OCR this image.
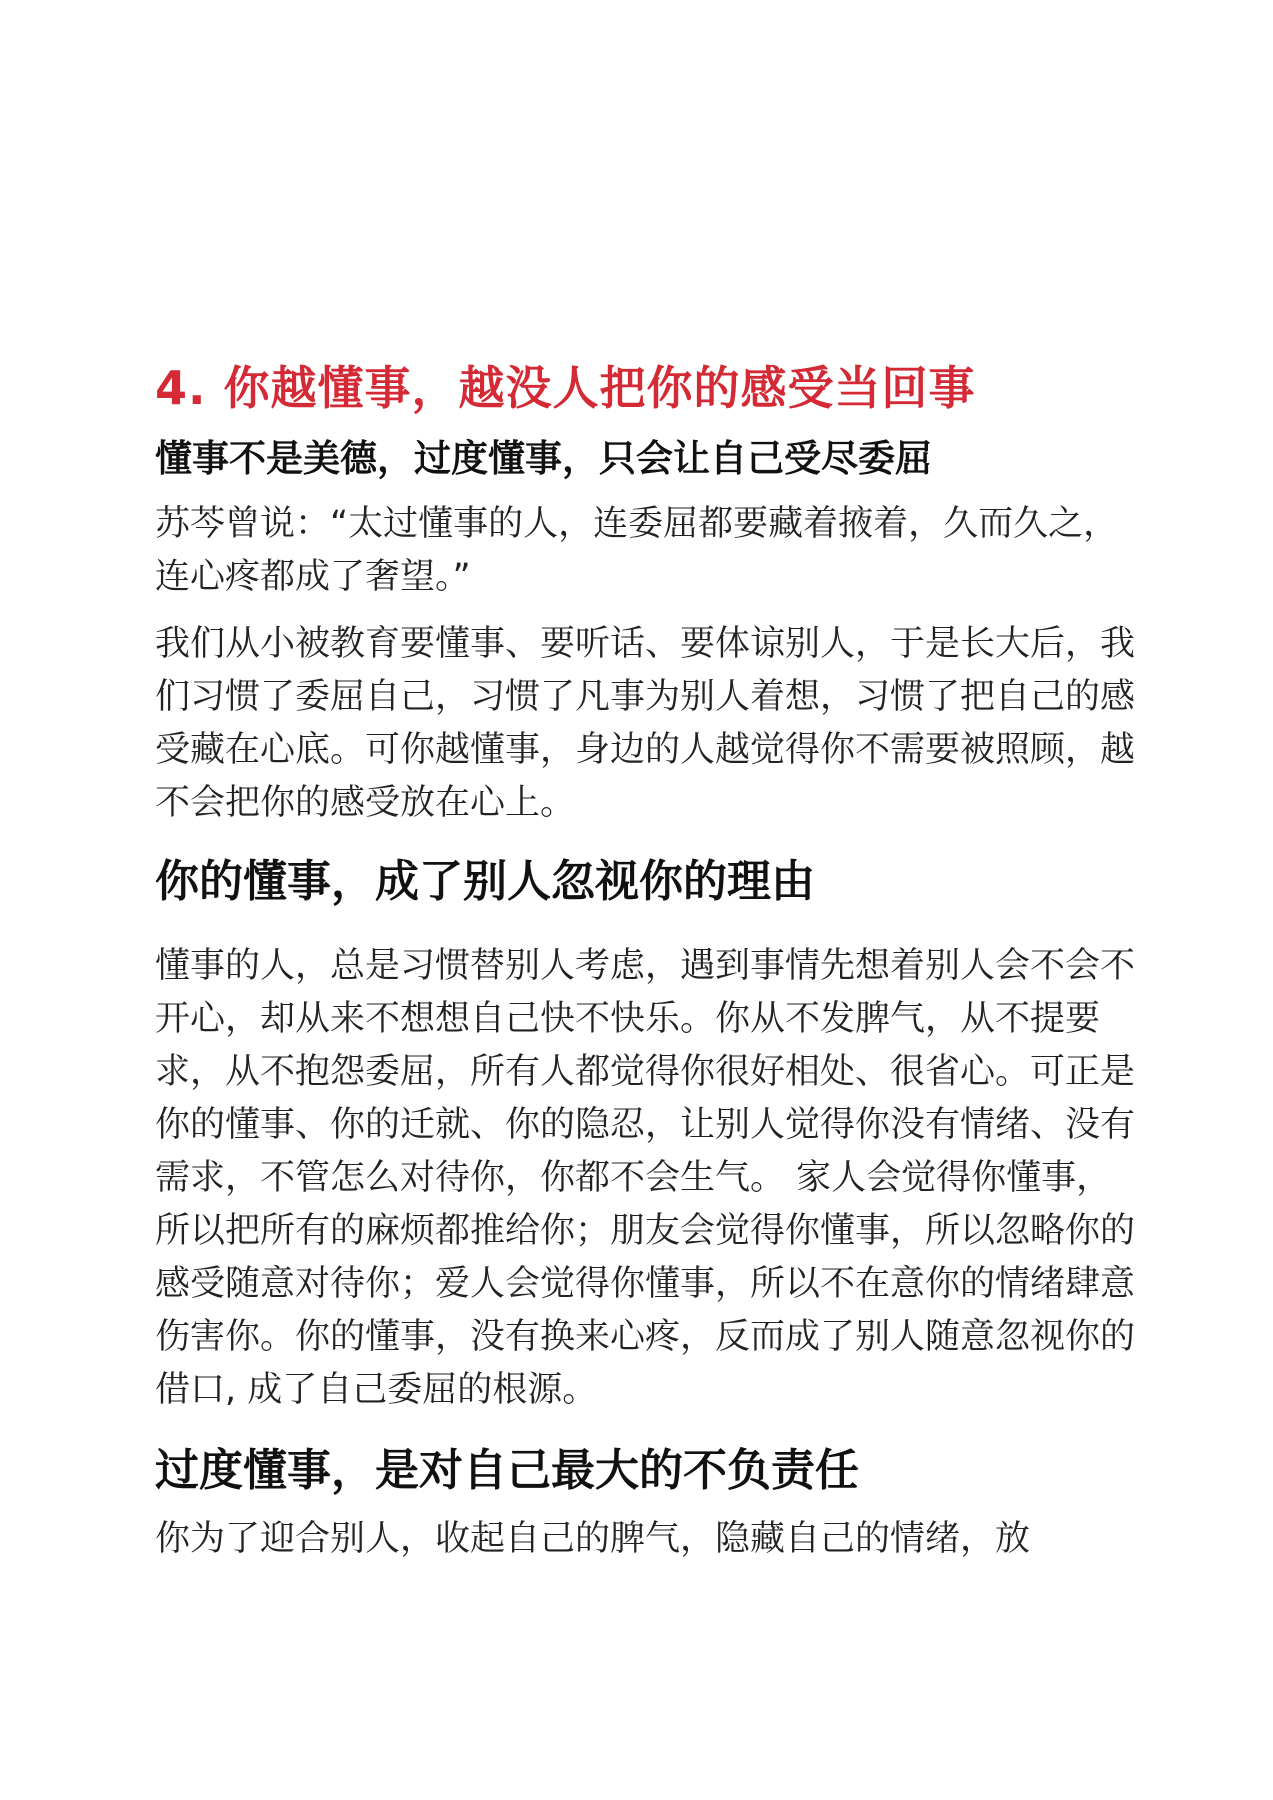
4. 你越懂事，越没人把你的感受当回事
懂事不是美德，过度懂事，只会让自己受尽委屈

苏芩曾说：“太过懂事的人，连委屈都要藏着掖着，久而久之，连心疼都成了奢望。”

我们从小被教育要懂事、要听话、要体谅别人，于是长大后，我们习惯了委屈自己，习惯了凡事为别人着想，习惯了把自己的感受藏在心底。可你越懂事，身边的人越觉得你不需要被照顾，越不会把你的感受放在心上。

你的懂事，成了别人忽视你的理由

懂事的人，总是习惯替别人考虑，遇到事情先想着别人会不会不开心，却从来不想想自己快不快乐。你从不发脾气，从不提要求，从不抱怨委屈，所有人都觉得你很好相处、很省心。可正是你的懂事、你的迁就、你的隐忍，让别人觉得你没有情绪、没有需求，不管怎么对待你，你都不会生气。 家人会觉得你懂事，所以把所有的麻烦都推给你；朋友会觉得你懂事，所以忽略你的感受随意对待你；爱人会觉得你懂事，所以不在意你的情绪肆意伤害你。你的懂事，没有换来心疼，反而成了别人随意忽视你的借口, 成了自己委屈的根源。

过度懂事，是对自己最大的不负责任

你为了迎合别人，收起自己的脾气，隐藏自己的情绪，放
